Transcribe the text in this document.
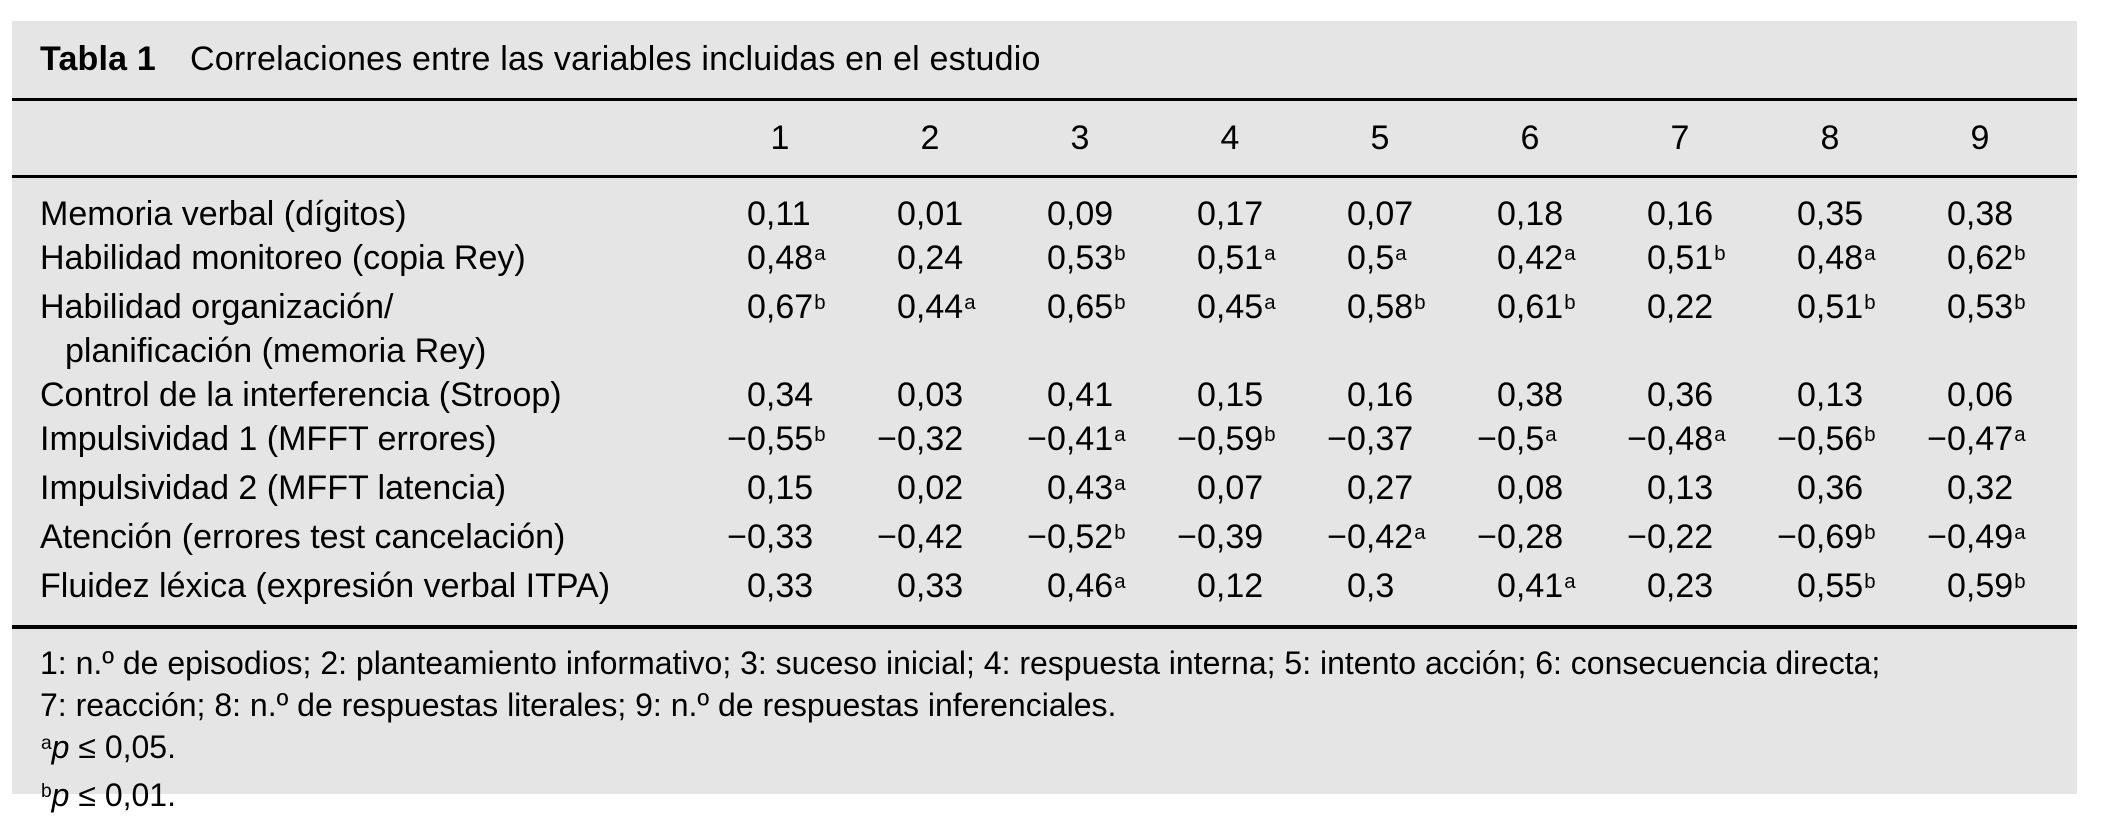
Tabla 1 Correlaciones entre las variables incluidas en el estudio
	1	2	3	4	5	6	7	8	9	

Memoria verbal (dígitos)	0,11	0,01	0,09	0,17	0,07	0,18	0,16	0,35	0,38	

Habilidad monitoreo (copia Rey)	0,48$^a$	0,24	0,53$^b$	0,51$^a$	0,5$^a$	0,42$^a$	0,51$^b$	0,48$^a$	0,62$^b$	

Habilidad organización/
planificación (memoria Rey)	0,67$^b$	0,44$^a$	0,65$^b$	0,45$^a$	0,58$^b$	0,61$^b$	0,22	0,51$^b$	0,53$^b$	

Control de la interferencia (Stroop)	0,34	0,03	0,41	0,15	0,16	0,38	0,36	0,13	0,06	

Impulsividad 1 (MFFT errores)	− 0,55$^b$	− 0,32	− 0,41$^a$	− 0,59$^b$	− 0,37	− 0,5$^a$	− 0,48$^a$	− 0,56$^b$	− 0,47$^a$	

Impulsividad 2 (MFFT latencia)	0,15	0,02	0,43$^a$	0,07	0,27	0,08	0,13	0,36	0,32	

Atención (errores test cancelación)	− 0,33	− 0,42	− 0,52$^b$	− 0,39	− 0,42$^a$	− 0,28	− 0,22	− 0,69$^b$	− 0,49$^a$	

Fluidez léxica (expresión verbal ITPA)	0,33	0,33	0,46$^a$	0,12	0,3	0,41$^a$	0,23	0,55$^b$	0,59$^b$	
1: n.º de episodios; 2: planteamiento informativo; 3: suceso inicial; 4: respuesta interna; 5: intento acción; 6: consecuencia directa;
7: reacción; 8: n.º de respuestas literales; 9: n.º de respuestas inferenciales.
$^a$p ≤ 0,05.
$^b$p ≤ 0,01.
